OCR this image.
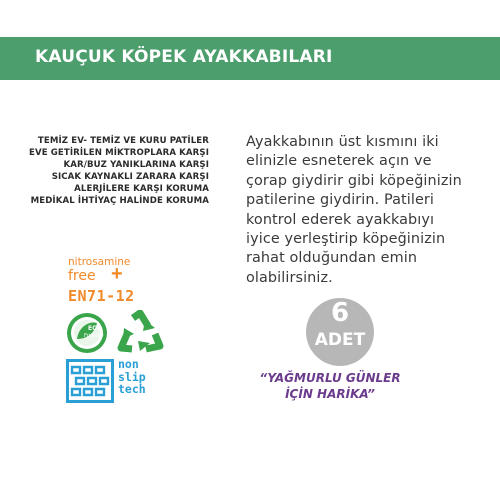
KAUÇUK KÖPEK AYAKKABILARI
TEMİZ EV- TEMİZ VE KURU PATİLER
EVE GETİRİLEN MİKTROPLARA KARŞI
KAR/BUZ YANIKLARINA KARŞI
SICAK KAYNAKLI ZARARA KARŞI
ALERJİLERE KARŞI KORUMA
MEDİKAL İHTİYAÇ HALİNDE KORUMA
Ayakkabının üst kısmını iki
elinizle esneterek açın ve
çorap giydirir gibi köpeğinizin
patilerine giydirin. Patileri
kontrol ederek ayakkabıyı
iyice yerleştirip köpeğinizin
rahat olduğundan emin
olabilirsiniz.
nitrosamine
free +
EN71-12
ECO
Friendly
non
slip
tech
6
ADET
“YAĞMURLU GÜNLER
İÇİN HARİKA”
